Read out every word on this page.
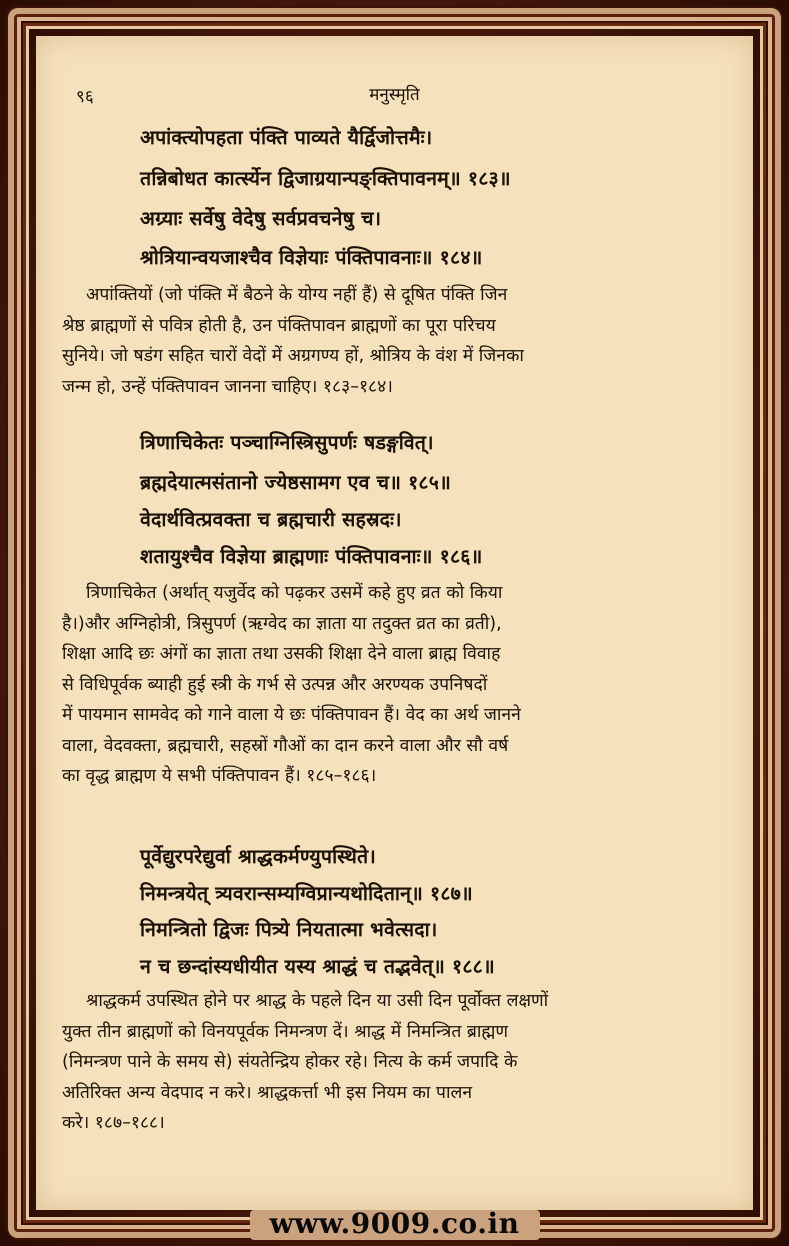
९६	मनुस्मृति
अपांक्त्योपहता पंक्ति पाव्यते यैर्द्विजोत्तमैः।
तन्निबोधत कार्त्स्येन द्विजाग्रयान्पङ्क्तिपावनम्॥ १८३॥
अग्र्याः सर्वेषु वेदेषु सर्वप्रवचनेषु च।
श्रोत्रियान्वयजाश्चैव विज्ञेयाः पंक्तिपावनाः॥ १८४॥
अपांक्तियों (जो पंक्ति में बैठने के योग्य नहीं हैं) से दूषित पंक्ति जिन
श्रेष्ठ ब्राह्मणों से पवित्र होती है, उन पंक्तिपावन ब्राह्मणों का पूरा परिचय
सुनिये। जो षडंग सहित चारों वेदों में अग्रगण्य हों, श्रोत्रिय के वंश में जिनका
जन्म हो, उन्हें पंक्तिपावन जानना चाहिए। १८३–१८४।
त्रिणाचिकेतः पञ्चाग्निस्त्रिसुपर्णः षडङ्गवित्।
ब्रह्मदेयात्मसंतानो ज्येष्ठसामग एव च॥ १८५॥
वेदार्थवित्प्रवक्ता च ब्रह्मचारी सहस्रदः।
शतायुश्चैव विज्ञेया ब्राह्मणाः पंक्तिपावनाः॥ १८६॥
त्रिणाचिकेत (अर्थात् यजुर्वेद को पढ़कर उसमें कहे हुए व्रत को किया
है।)और अग्निहोत्री, त्रिसुपर्ण (ऋग्वेद का ज्ञाता या तदुक्त व्रत का व्रती),
शिक्षा आदि छः अंगों का ज्ञाता तथा उसकी शिक्षा देने वाला ब्राह्म विवाह
से विधिपूर्वक ब्याही हुई स्त्री के गर्भ से उत्पन्न और अरण्यक उपनिषदों
में पायमान सामवेद को गाने वाला ये छः पंक्तिपावन हैं। वेद का अर्थ जानने
वाला, वेदवक्ता, ब्रह्मचारी, सहस्रों गौओं का दान करने वाला और सौ वर्ष
का वृद्ध ब्राह्मण ये सभी पंक्तिपावन हैं। १८५–१८६।
पूर्वेद्युरपरेद्युर्वा श्राद्धकर्मण्युपस्थिते।
निमन्त्रयेत् त्र्यवरान्सम्यग्विप्रान्यथोदितान्॥ १८७॥
निमन्त्रितो द्विजः पित्र्ये नियतात्मा भवेत्सदा।
न च छन्दांस्यधीयीत यस्य श्राद्धं च तद्भवेत्॥ १८८॥
श्राद्धकर्म उपस्थित होने पर श्राद्ध के पहले दिन या उसी दिन पूर्वोक्त लक्षणों
युक्त तीन ब्राह्मणों को विनयपूर्वक निमन्त्रण दें। श्राद्ध में निमन्त्रित ब्राह्मण
(निमन्त्रण पाने के समय से) संयतेन्द्रिय होकर रहे। नित्य के कर्म जपादि के
अतिरिक्त अन्य वेदपाद न करे। श्राद्धकर्त्ता भी इस नियम का पालन
करे। १८७–१८८।
www.9009.co.in
